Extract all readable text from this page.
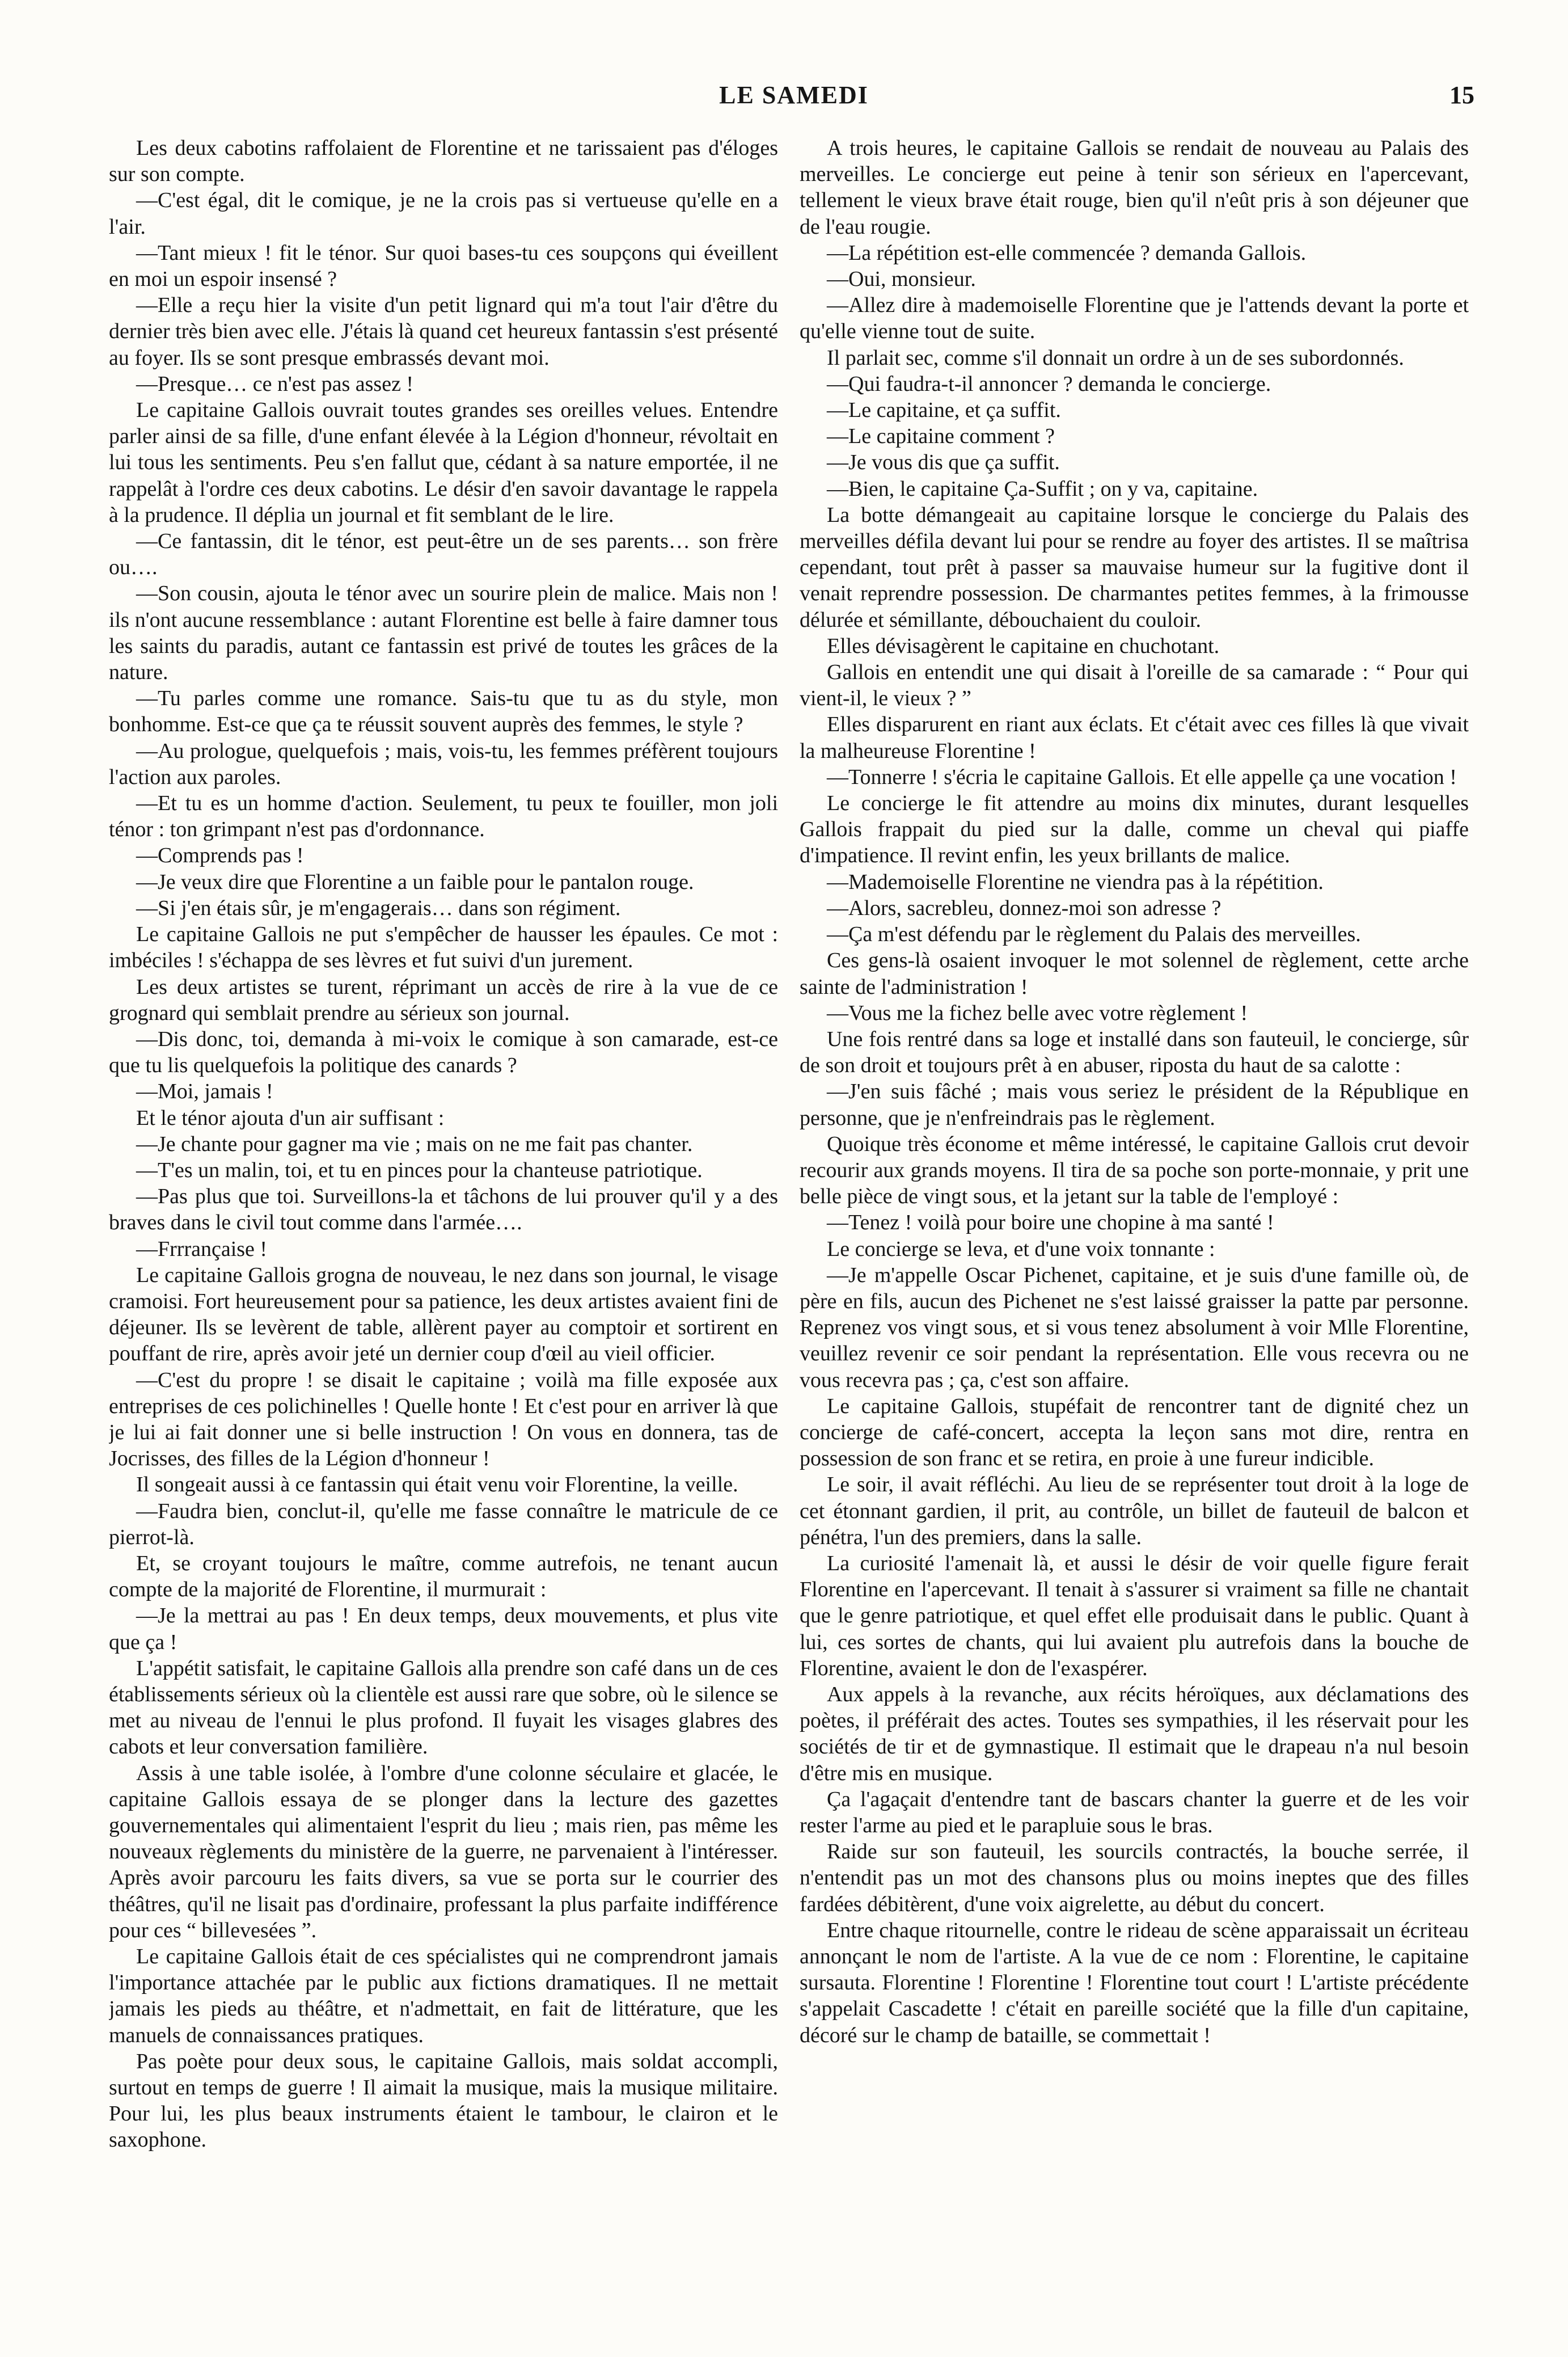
LE SAMEDI	15

Les deux cabotins raffolaient de Florentine et ne tarissaient pas d'éloges sur son compte.

—C'est égal, dit le comique, je ne la crois pas si vertueuse qu'elle en a l'air.

—Tant mieux ! fit le ténor. Sur quoi bases-tu ces soupçons qui éveillent en moi un espoir insensé ?

—Elle a reçu hier la visite d'un petit lignard qui m'a tout l'air d'être du dernier très bien avec elle. J'étais là quand cet heureux fantassin s'est présenté au foyer. Ils se sont presque embrassés devant moi.

—Presque… ce n'est pas assez !

Le capitaine Gallois ouvrait toutes grandes ses oreilles velues. Entendre parler ainsi de sa fille, d'une enfant élevée à la Légion d'honneur, révoltait en lui tous les sentiments. Peu s'en fallut que, cédant à sa nature emportée, il ne rappelât à l'ordre ces deux cabotins. Le désir d'en savoir davantage le rappela à la prudence. Il déplia un journal et fit semblant de le lire.

—Ce fantassin, dit le ténor, est peut-être un de ses parents… son frère ou….

—Son cousin, ajouta le ténor avec un sourire plein de malice. Mais non ! ils n'ont aucune ressemblance : autant Florentine est belle à faire damner tous les saints du paradis, autant ce fantassin est privé de toutes les grâces de la nature.

—Tu parles comme une romance. Sais-tu que tu as du style, mon bonhomme. Est-ce que ça te réussit souvent auprès des femmes, le style ?

—Au prologue, quelquefois ; mais, vois-tu, les femmes préfèrent toujours l'action aux paroles.

—Et tu es un homme d'action. Seulement, tu peux te fouiller, mon joli ténor : ton grimpant n'est pas d'ordonnance.

—Comprends pas !

—Je veux dire que Florentine a un faible pour le pantalon rouge.

—Si j'en étais sûr, je m'engagerais… dans son régiment.

Le capitaine Gallois ne put s'empêcher de hausser les épaules. Ce mot : imbéciles ! s'échappa de ses lèvres et fut suivi d'un jurement.

Les deux artistes se turent, réprimant un accès de rire à la vue de ce grognard qui semblait prendre au sérieux son journal.

—Dis donc, toi, demanda à mi-voix le comique à son camarade, est-ce que tu lis quelquefois la politique des canards ?

—Moi, jamais !

Et le ténor ajouta d'un air suffisant :

—Je chante pour gagner ma vie ; mais on ne me fait pas chanter.

—T'es un malin, toi, et tu en pinces pour la chanteuse patriotique.

—Pas plus que toi. Surveillons-la et tâchons de lui prouver qu'il y a des braves dans le civil tout comme dans l'armée….

—Frrrançaise !

Le capitaine Gallois grogna de nouveau, le nez dans son journal, le visage cramoisi. Fort heureusement pour sa patience, les deux artistes avaient fini de déjeuner. Ils se levèrent de table, allèrent payer au comptoir et sortirent en pouffant de rire, après avoir jeté un dernier coup d'œil au vieil officier.

—C'est du propre ! se disait le capitaine ; voilà ma fille exposée aux entreprises de ces polichinelles ! Quelle honte ! Et c'est pour en arriver là que je lui ai fait donner une si belle instruction ! On vous en donnera, tas de Jocrisses, des filles de la Légion d'honneur !

Il songeait aussi à ce fantassin qui était venu voir Florentine, la veille.

—Faudra bien, conclut-il, qu'elle me fasse connaître le matricule de ce pierrot-là.

Et, se croyant toujours le maître, comme autrefois, ne tenant aucun compte de la majorité de Florentine, il murmurait :

—Je la mettrai au pas ! En deux temps, deux mouvements, et plus vite que ça !

L'appétit satisfait, le capitaine Gallois alla prendre son café dans un de ces établissements sérieux où la clientèle est aussi rare que sobre, où le silence se met au niveau de l'ennui le plus profond. Il fuyait les visages glabres des cabots et leur conversation familière.

Assis à une table isolée, à l'ombre d'une colonne séculaire et glacée, le capitaine Gallois essaya de se plonger dans la lecture des gazettes gouvernementales qui alimentaient l'esprit du lieu ; mais rien, pas même les nouveaux règlements du ministère de la guerre, ne parvenaient à l'intéresser. Après avoir parcouru les faits divers, sa vue se porta sur le courrier des théâtres, qu'il ne lisait pas d'ordinaire, professant la plus parfaite indifférence pour ces “ billevesées ”.

Le capitaine Gallois était de ces spécialistes qui ne comprendront jamais l'importance attachée par le public aux fictions dramatiques. Il ne mettait jamais les pieds au théâtre, et n'admettait, en fait de littérature, que les manuels de connaissances pratiques.

Pas poète pour deux sous, le capitaine Gallois, mais soldat accompli, surtout en temps de guerre ! Il aimait la musique, mais la musique militaire. Pour lui, les plus beaux instruments étaient le tambour, le clairon et le saxophone.

A trois heures, le capitaine Gallois se rendait de nouveau au Palais des merveilles. Le concierge eut peine à tenir son sérieux en l'apercevant, tellement le vieux brave était rouge, bien qu'il n'eût pris à son déjeuner que de l'eau rougie.

—La répétition est-elle commencée ? demanda Gallois.

—Oui, monsieur.

—Allez dire à mademoiselle Florentine que je l'attends devant la porte et qu'elle vienne tout de suite.

Il parlait sec, comme s'il donnait un ordre à un de ses subordonnés.

—Qui faudra-t-il annoncer ? demanda le concierge.

—Le capitaine, et ça suffit.

—Le capitaine comment ?

—Je vous dis que ça suffit.

—Bien, le capitaine Ça-Suffit ; on y va, capitaine.

La botte démangeait au capitaine lorsque le concierge du Palais des merveilles défila devant lui pour se rendre au foyer des artistes. Il se maîtrisa cependant, tout prêt à passer sa mauvaise humeur sur la fugitive dont il venait reprendre possession. De charmantes petites femmes, à la frimousse délurée et sémillante, débouchaient du couloir.

Elles dévisagèrent le capitaine en chuchotant.

Gallois en entendit une qui disait à l'oreille de sa camarade : “ Pour qui vient-il, le vieux ? ”

Elles disparurent en riant aux éclats. Et c'était avec ces filles là que vivait la malheureuse Florentine !

—Tonnerre ! s'écria le capitaine Gallois. Et elle appelle ça une vocation !

Le concierge le fit attendre au moins dix minutes, durant lesquelles Gallois frappait du pied sur la dalle, comme un cheval qui piaffe d'impatience. Il revint enfin, les yeux brillants de malice.

—Mademoiselle Florentine ne viendra pas à la répétition.

—Alors, sacrebleu, donnez-moi son adresse ?

—Ça m'est défendu par le règlement du Palais des merveilles.

Ces gens-là osaient invoquer le mot solennel de règlement, cette arche sainte de l'administration !

—Vous me la fichez belle avec votre règlement !

Une fois rentré dans sa loge et installé dans son fauteuil, le concierge, sûr de son droit et toujours prêt à en abuser, riposta du haut de sa calotte :

—J'en suis fâché ; mais vous seriez le président de la République en personne, que je n'enfreindrais pas le règlement.

Quoique très économe et même intéressé, le capitaine Gallois crut devoir recourir aux grands moyens. Il tira de sa poche son porte-monnaie, y prit une belle pièce de vingt sous, et la jetant sur la table de l'employé :

—Tenez ! voilà pour boire une chopine à ma santé !

Le concierge se leva, et d'une voix tonnante :

—Je m'appelle Oscar Pichenet, capitaine, et je suis d'une famille où, de père en fils, aucun des Pichenet ne s'est laissé graisser la patte par personne. Reprenez vos vingt sous, et si vous tenez absolument à voir Mlle Florentine, veuillez revenir ce soir pendant la représentation. Elle vous recevra ou ne vous recevra pas ; ça, c'est son affaire.

Le capitaine Gallois, stupéfait de rencontrer tant de dignité chez un concierge de café-concert, accepta la leçon sans mot dire, rentra en possession de son franc et se retira, en proie à une fureur indicible.

Le soir, il avait réfléchi. Au lieu de se représenter tout droit à la loge de cet étonnant gardien, il prit, au contrôle, un billet de fauteuil de balcon et pénétra, l'un des premiers, dans la salle.

La curiosité l'amenait là, et aussi le désir de voir quelle figure ferait Florentine en l'apercevant. Il tenait à s'assurer si vraiment sa fille ne chantait que le genre patriotique, et quel effet elle produisait dans le public. Quant à lui, ces sortes de chants, qui lui avaient plu autrefois dans la bouche de Florentine, avaient le don de l'exaspérer.

Aux appels à la revanche, aux récits héroïques, aux déclamations des poètes, il préférait des actes. Toutes ses sympathies, il les réservait pour les sociétés de tir et de gymnastique. Il estimait que le drapeau n'a nul besoin d'être mis en musique.

Ça l'agaçait d'entendre tant de bascars chanter la guerre et de les voir rester l'arme au pied et le parapluie sous le bras.

Raide sur son fauteuil, les sourcils contractés, la bouche serrée, il n'entendit pas un mot des chansons plus ou moins ineptes que des filles fardées débitèrent, d'une voix aigrelette, au début du concert.

Entre chaque ritournelle, contre le rideau de scène apparaissait un écriteau annonçant le nom de l'artiste. A la vue de ce nom : Florentine, le capitaine sursauta. Florentine ! Florentine ! Florentine tout court ! L'artiste précédente s'appelait Cascadette ! c'était en pareille société que la fille d'un capitaine, décoré sur le champ de bataille, se commettait !
